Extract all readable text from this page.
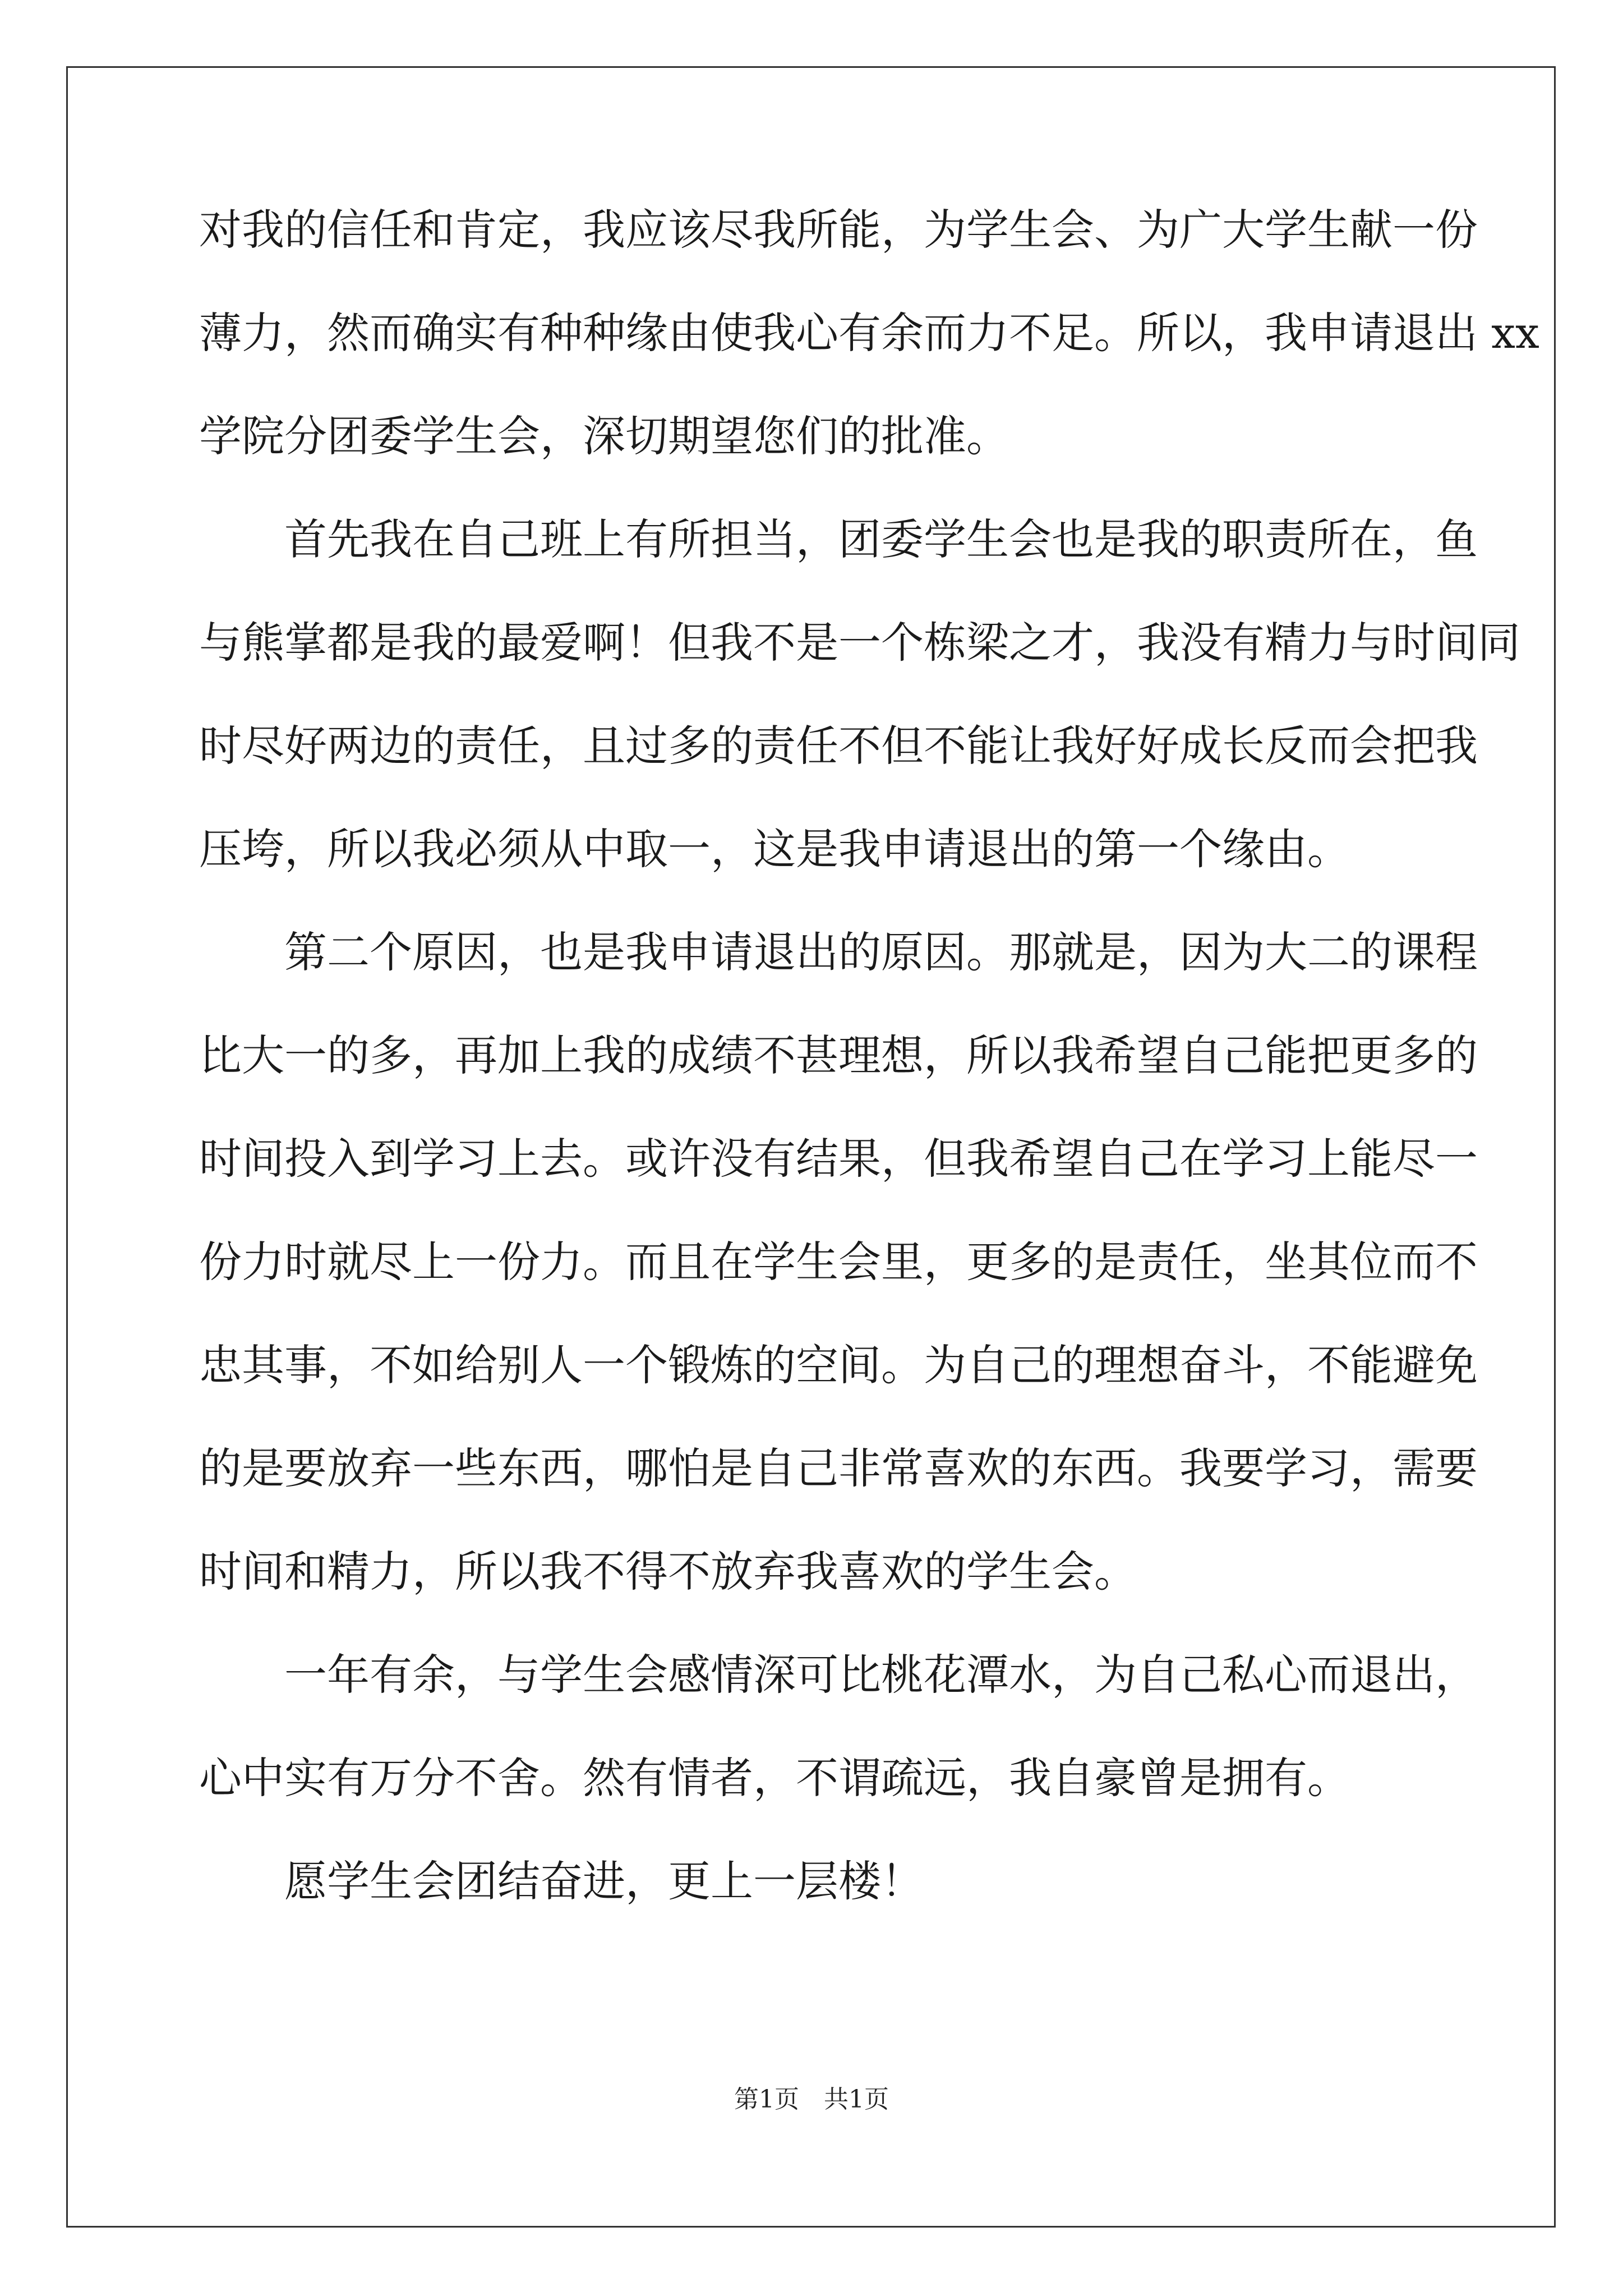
对我的信任和肯定，我应该尽我所能，为学生会、为广大学生献一份
薄力，然而确实有种种缘由使我心有余而力不足。所以，我申请退出 xx
学院分团委学生会，深切期望您们的批准。
首先我在自己班上有所担当，团委学生会也是我的职责所在，鱼
与熊掌都是我的最爱啊！但我不是一个栋梁之才，我没有精力与时间同
时尽好两边的责任，且过多的责任不但不能让我好好成长反而会把我
压垮，所以我必须从中取一，这是我申请退出的第一个缘由。
第二个原因，也是我申请退出的原因。那就是，因为大二的课程
比大一的多，再加上我的成绩不甚理想，所以我希望自己能把更多的
时间投入到学习上去。或许没有结果，但我希望自己在学习上能尽一
份力时就尽上一份力。而且在学生会里，更多的是责任，坐其位而不
忠其事，不如给别人一个锻炼的空间。为自己的理想奋斗，不能避免
的是要放弃一些东西，哪怕是自己非常喜欢的东西。我要学习，需要
时间和精力，所以我不得不放弃我喜欢的学生会。
一年有余，与学生会感情深可比桃花潭水，为自己私心而退出，
心中实有万分不舍。然有情者，不谓疏远，我自豪曾是拥有。
愿学生会团结奋进，更上一层楼！
第1页　共1页
